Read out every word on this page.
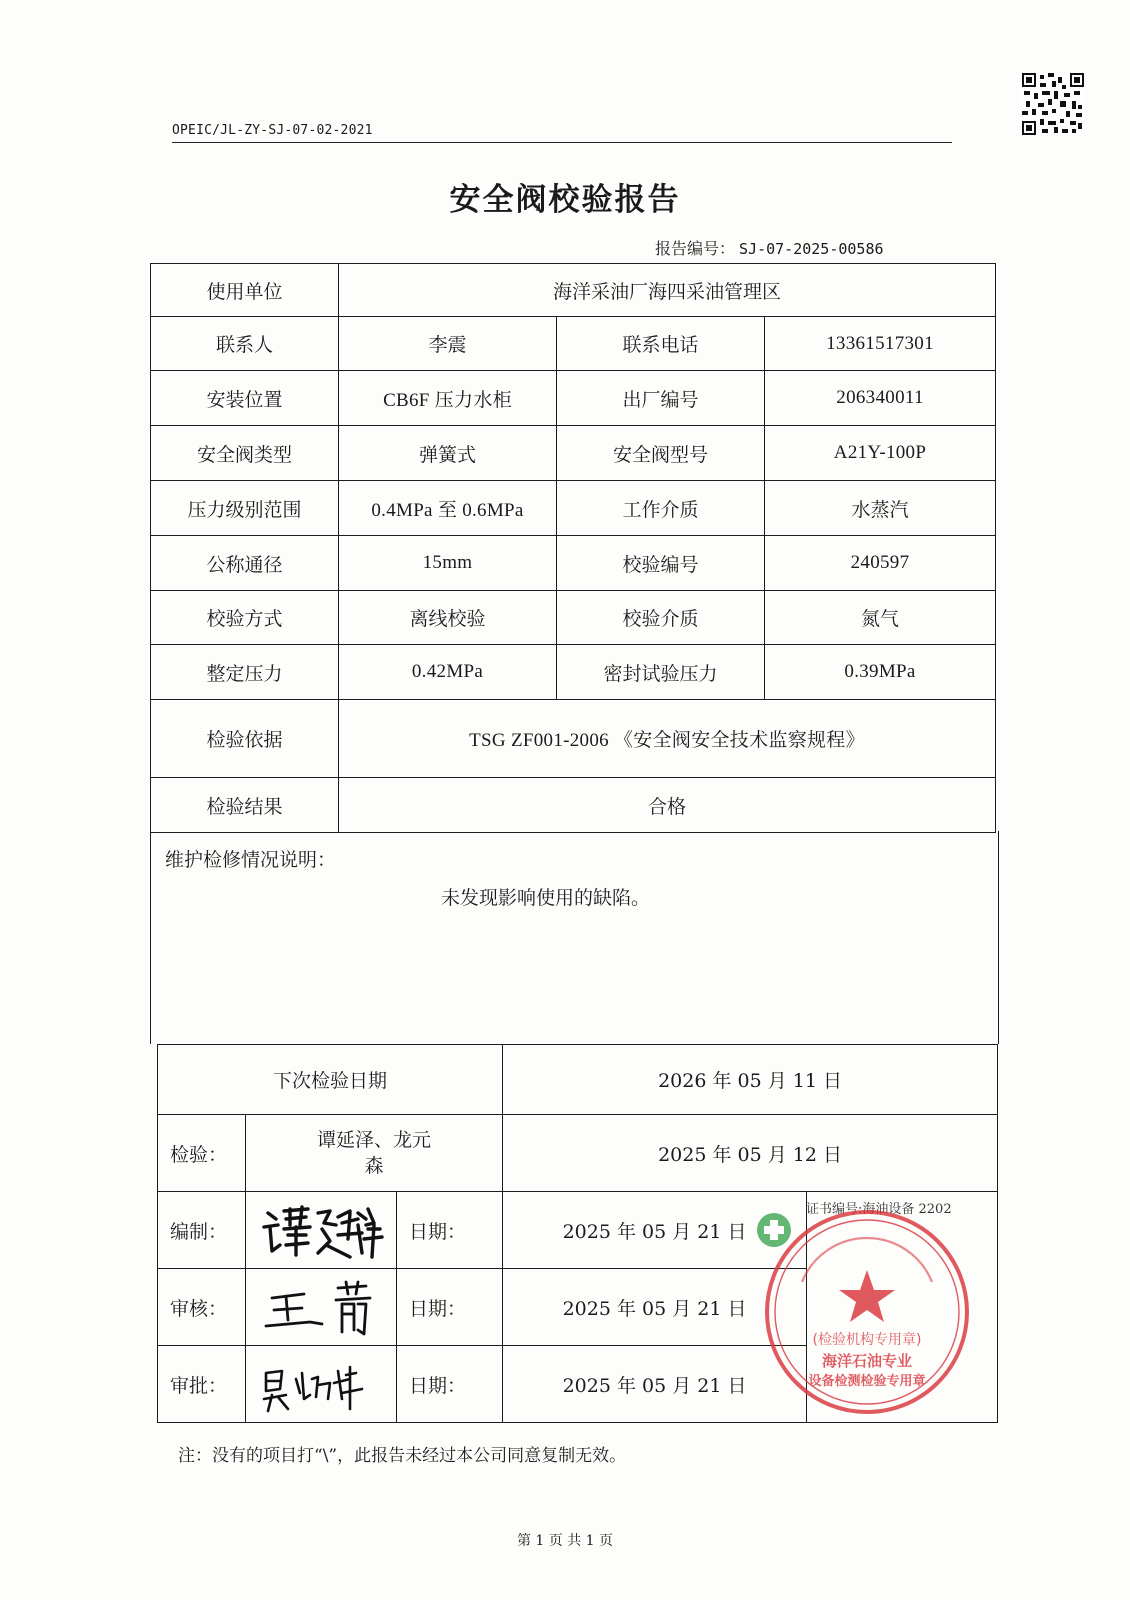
OPEIC/JL-ZY-SJ-07-02-2021
安全阀校验报告
报告编号： SJ-07-2025-00586
使用单位	海洋采油厂海四采油管理区		
联系人	李震	联系电话	13361517301
安装位置	CB6F 压力水柜	出厂编号	206340011
安全阀类型	弹簧式	安全阀型号	A21Y-100P
压力级别范围	0.4MPa 至 0.6MPa	工作介质	水蒸汽
公称通径	15mm	校验编号	240597
校验方式	离线校验	校验介质	氮气
整定压力	0.42MPa	密封试验压力	0.39MPa
检验依据	TSG ZF001-2006 《安全阀安全技术监察规程》		
检验结果	合格		
维护检修情况说明：
未发现影响使用的缺陷。
下次检验日期			2026 年 05 月 11 日	
检验：	谭延泽、龙元森		2025 年 05 月 12 日	
编制：		日期：	2025 年 05 月 21 日	
审核：		日期：	2025 年 05 月 21 日	
审批：		日期：	2025 年 05 月 21 日	
证书编号:海油设备 2202
(检验机构专用章)
海洋石油专业
设备检测检验专用章
注：没有的项目打“\”，此报告未经过本公司同意复制无效。
第 1 页 共 1 页
